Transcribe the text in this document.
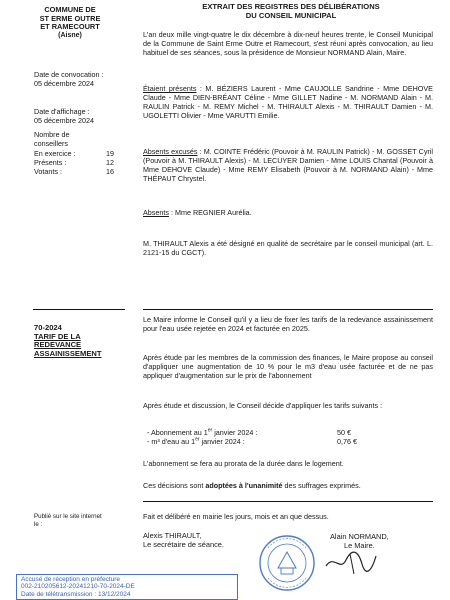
COMMUNE DE
ST ERME OUTRE
ET RAMECOURT
(Aisne)
Date de convocation :
05 décembre 2024
Date d'affichage :
05 décembre 2024
Nombre de
conseillers
En exercice :	19
Présents :	12
Votants :	16
70-2024
TARIF DE LA
REDEVANCE
ASSAINISSEMENT
Publié sur le site internet
le :
EXTRAIT DES REGISTRES DES DÉLIBÉRATIONS
DU CONSEIL MUNICIPAL

L'an deux mille vingt-quatre le dix décembre à dix-neuf heures trente, le Conseil Municipal de la Commune de Saint Erme Outre et Ramecourt, s'est réuni après convocation, au lieu habituel de ses séances, sous la présidence de Monsieur NORMAND Alain, Maire.

Étaient présents : M. BÉZIERS Laurent - Mme CAUJOLLE Sandrine - Mme DEHOVE Claude - Mme DIEN-BRÉANT Céline - Mme GILLET Nadine - M. NORMAND Alain - M. RAULIN Patrick - M. REMY Michel - M. THIRAULT Alexis - M. THIRAULT Damien - M. UGOLETTI Olivier - Mme VARUTTI Emilie.

Absents excusés : M. COINTE Frédéric (Pouvoir à M. RAULIN Patrick) - M. GOSSET Cyril (Pouvoir à M. THIRAULT Alexis) - M. LECUYER Damien - Mme LOUIS Chantal (Pouvoir à Mme DEHOVE Claude) - Mme REMY Elisabeth (Pouvoir à M. NORMAND Alain) - Mme THÉPAUT Chrystel.

Absents : Mme REGNIER Aurélia.

M. THIRAULT Alexis a été désigné en qualité de secrétaire par le conseil municipal (art. L. 2121-15 du CGCT).

Le Maire informe le Conseil qu'il y a lieu de fixer les tarifs de la redevance assainissement pour l'eau usée rejetée en 2024 et facturée en 2025.

Après étude par les membres de la commission des finances, le Maire propose au conseil d'appliquer une augmentation de 10 % pour le m3 d'eau usée facturée et de ne pas appliquer d'augmentation sur le prix de l'abonnement

Après étude et discussion, le Conseil décide d'appliquer les tarifs suivants :

- Abonnement au 1er janvier 2024 :	50 €
- m³ d'eau au 1er janvier 2024 :	0,76 €

L'abonnement se fera au prorata de la durée dans le logement.

Ces décisions sont adoptées à l'unanimité des suffrages exprimés.

Fait et délibéré en mairie les jours, mois et an que dessus.

Alexis THIRAULT,
Le secrétaire de séance.
Alain NORMAND,
Le Maire.
Accusé de réception en préfecture
002-210205612-20241210-70-2024-DE
Date de télétransmission : 13/12/2024
